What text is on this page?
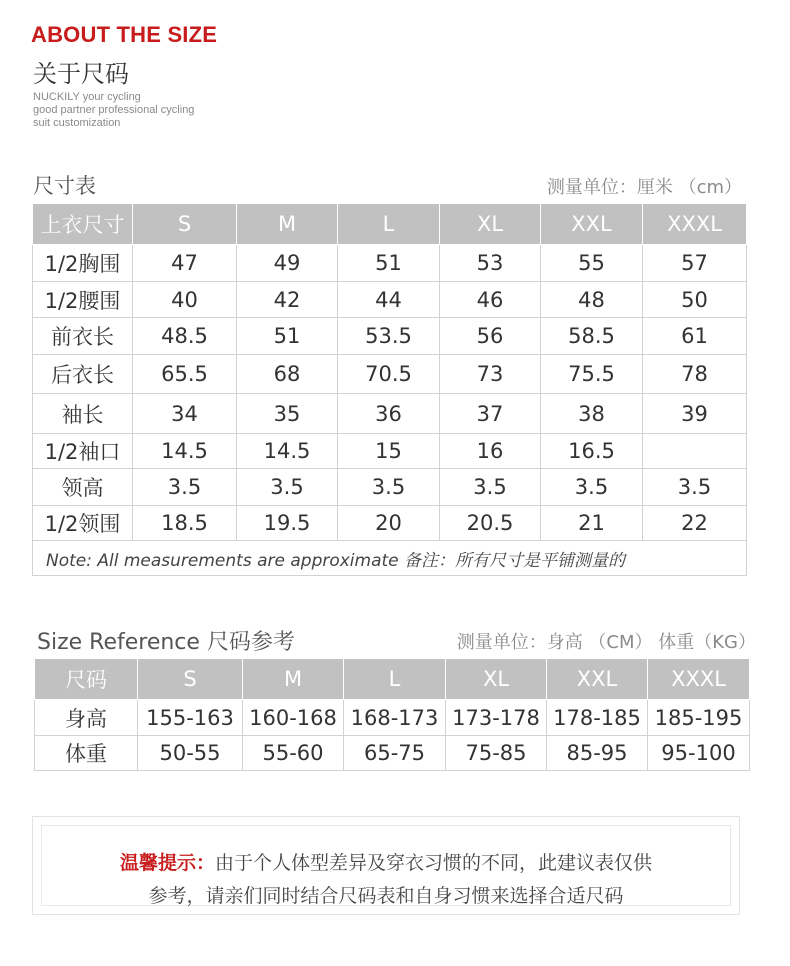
ABOUT THE SIZE
关于尺码
NUCKILY your cycling
good partner professional cycling
suit customization
尺寸表	测量单位：厘米 （cm）
上衣尺寸	S	M	L	XL	XXL	XXXL
1/2胸围	47	49	51	53	55	57
1/2腰围	40	42	44	46	48	50
前衣长	48.5	51	53.5	56	58.5	61
后衣长	65.5	68	70.5	73	75.5	78
袖长	34	35	36	37	38	39
1/2袖口	14.5	14.5	15	16	16.5	
领高	3.5	3.5	3.5	3.5	3.5	3.5
1/2领围	18.5	19.5	20	20.5	21	22
Note: All measurements are approximate 备注：所有尺寸是平铺测量的						
Size Reference 尺码参考	测量单位：身高 （CM） 体重（KG）
尺码	S	M	L	XL	XXL	XXXL
身高	155-163	160-168	168-173	173-178	178-185	185-195
体重	50-55	55-60	65-75	75-85	85-95	95-100
温馨提示：由于个人体型差异及穿衣习惯的不同，此建议表仅供
参考，请亲们同时结合尺码表和自身习惯来选择合适尺码
